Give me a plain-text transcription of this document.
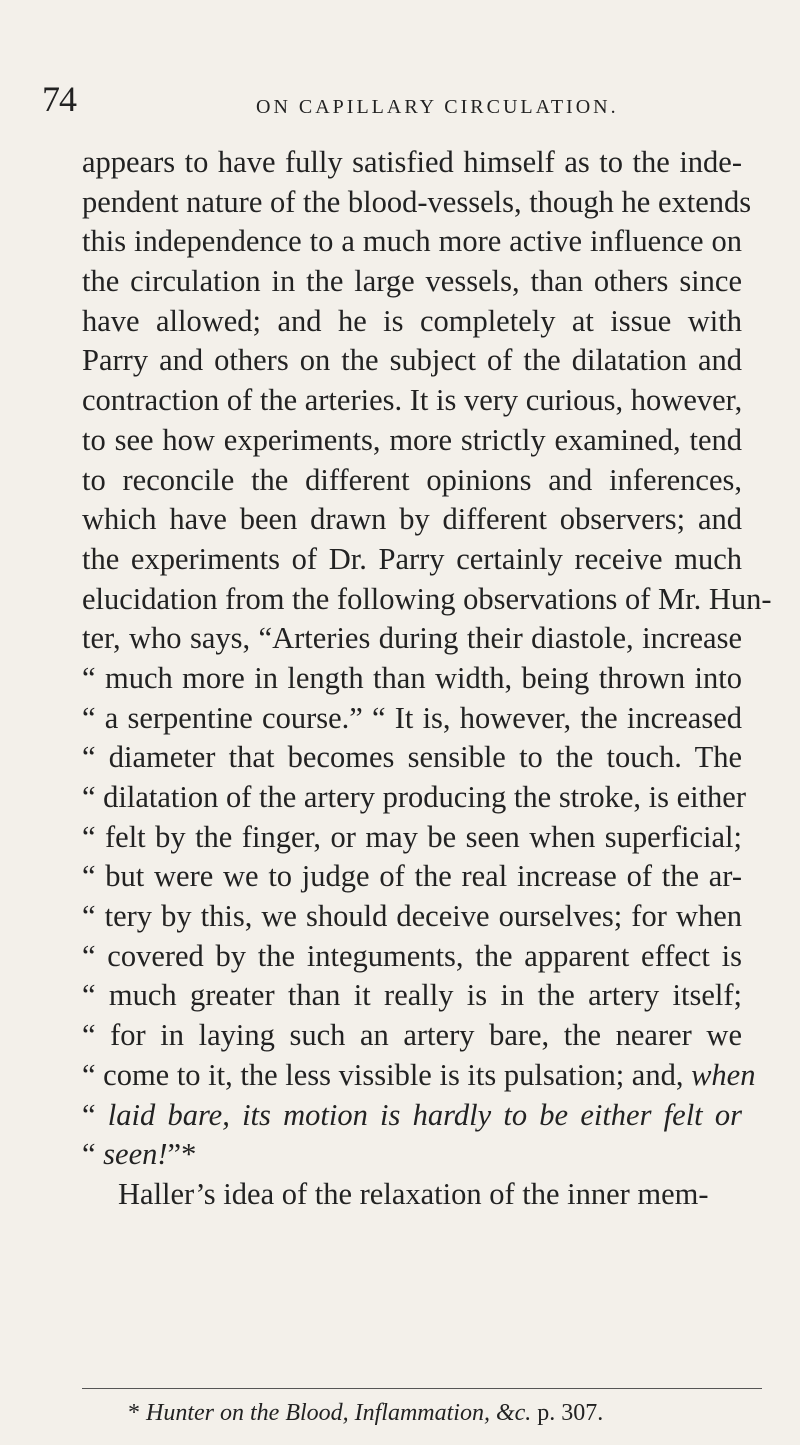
74	ON CAPILLARY CIRCULATION.
appears to have fully satisfied himself as to the inde-
pendent nature of the blood-vessels, though he extends
this independence to a much more active influence on
the circulation in the large vessels, than others since
have allowed; and he is completely at issue with
Parry and others on the subject of the dilatation and
contraction of the arteries. It is very curious, however,
to see how experiments, more strictly examined, tend
to reconcile the different opinions and inferences,
which have been drawn by different observers; and
the experiments of Dr. Parry certainly receive much
elucidation from the following observations of Mr. Hun-
ter, who says, “Arteries during their diastole, increase
“ much more in length than width, being thrown into
“ a serpentine course.” “ It is, however, the increased
“ diameter that becomes sensible to the touch. The
“ dilatation of the artery producing the stroke, is either
“ felt by the finger, or may be seen when superficial;
“ but were we to judge of the real increase of the ar-
“ tery by this, we should deceive ourselves; for when
“ covered by the integuments, the apparent effect is
“ much greater than it really is in the artery itself;
“ for in laying such an artery bare, the nearer we
“ come to it, the less vissible is its pulsation; and, when
“ laid bare, its motion is hardly to be either felt or
“ seen!”*
Haller’s idea of the relaxation of the inner mem-
* Hunter on the Blood, Inflammation, &c. p. 307.
